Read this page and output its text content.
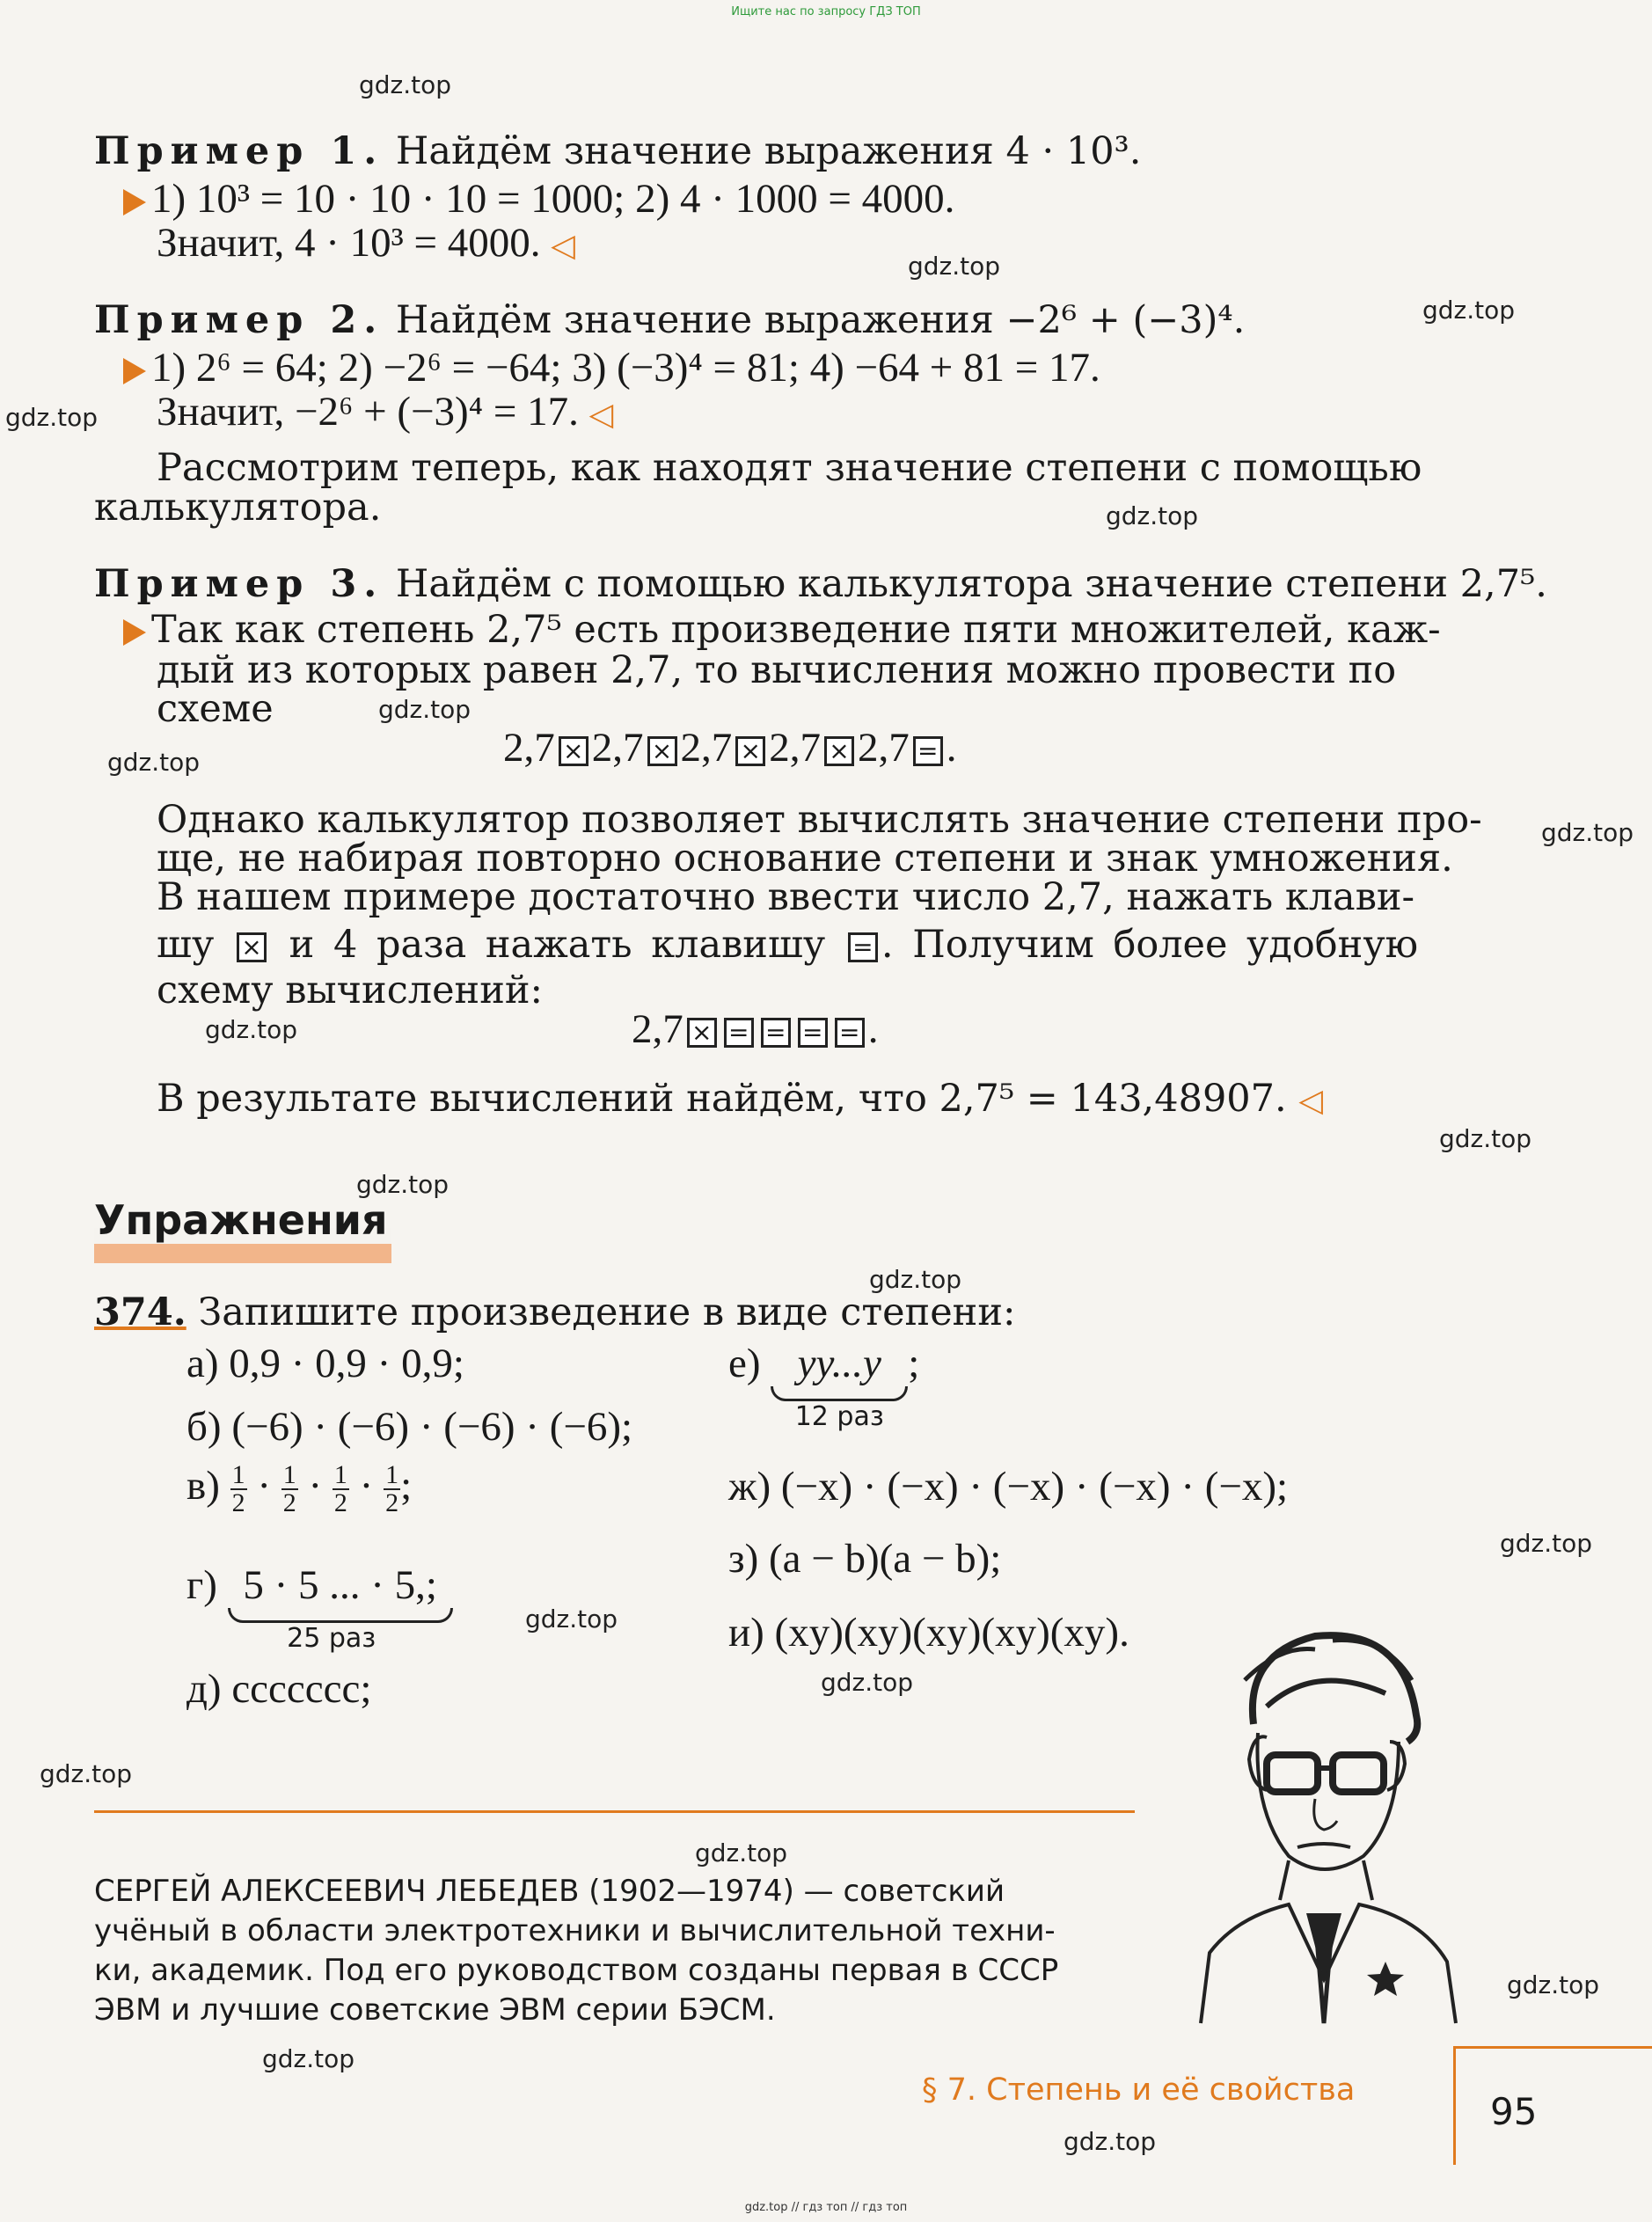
Ищите нас по запросу ГДЗ ТОП
Пример 1. Найдём значение выражения 4 · 10³.
1) 10³ = 10 · 10 · 10 = 1000; 2) 4 · 1000 = 4000.
Значит, 4 · 10³ = 4000. ◁
Пример 2. Найдём значение выражения −2⁶ + (−3)⁴.
1) 2⁶ = 64; 2) −2⁶ = −64; 3) (−3)⁴ = 81; 4) −64 + 81 = 17.
Значит, −2⁶ + (−3)⁴ = 17. ◁
Рассмотрим теперь, как находят значение степени с помощью
калькулятора.
Пример 3. Найдём с помощью калькулятора значение степени 2,7⁵.
Так как степень 2,7⁵ есть произведение пяти множителей, каж-
дый из которых равен 2,7, то вычисления можно провести по
схеме
2,7 × 2,7 × 2,7 × 2,7 × 2,7 = .
Однако калькулятор позволяет вычислять значение степени про-
ще, не набирая повторно основание степени и знак умножения.
В нашем примере достаточно ввести число 2,7, нажать клави-
шу × и 4 раза нажать клавишу = . Получим более удобную
схему вычислений:
2,7 × = = = = .
В результате вычислений найдём, что 2,7⁵ = 143,48907. ◁
Упражнения
374. Запишите произведение в виде степени:
а) 0,9 · 0,9 · 0,9;
б) (−6) · (−6) · (−6) · (−6);
$в) \frac{1}{2} \cdot \frac{1}{2} \cdot \frac{1}{2} \cdot \frac{1}{2}$ ;
г) 5 · 5 ... · 5,;
25 раз
д) ccccccc;
е) yy...y
12 раз
;
ж) (−x) · (−x) · (−x) · (−x) · (−x);
з) (a − b)(a − b);
и) (xy)(xy)(xy)(xy)(xy).
СЕРГЕЙ АЛЕКСЕЕВИЧ ЛЕБЕДЕВ (1902—1974) — советский
учёный в области электротехники и вычислительной техни-
ки, академик. Под его руководством созданы первая в СССР
ЭВМ и лучшие советские ЭВМ серии БЭСМ.
§ 7. Степень и её свойства	95
gdz.top // гдз топ // гдз топ
gdz.top
gdz.top
gdz.top
gdz.top
gdz.top
gdz.top
gdz.top
gdz.top
gdz.top
gdz.top
gdz.top
gdz.top
gdz.top
gdz.top
gdz.top
gdz.top
gdz.top
gdz.top
gdz.top
gdz.top
